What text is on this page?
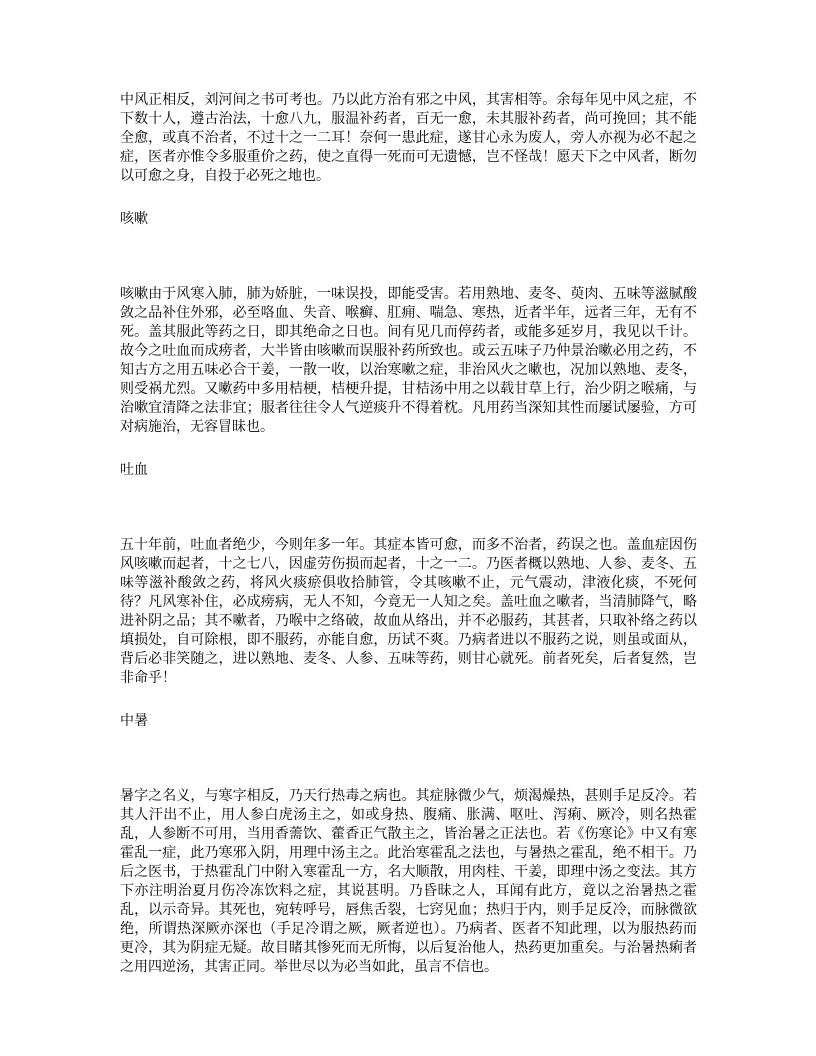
中风正相反，刘河间之书可考也。乃以此方治有邪之中风，其害相等。余每年见中风之症，不下数十人，遵古治法，十愈八九，服温补药者，百无一愈，未其服补药者，尚可挽回；其不能全愈，或真不治者，不过十之一二耳！奈何一患此症，遂甘心永为废人，旁人亦视为必不起之症，医者亦惟令多服重价之药，使之直得一死而可无遗憾，岂不怪哉！愿天下之中风者，断勿以可愈之身，自投于必死之地也。

咳嗽

咳嗽由于风寒入肺，肺为娇脏，一味误投，即能受害。若用熟地、麦冬、萸肉、五味等滋腻酸敛之品补住外邪，必至咯血、失音、喉癣、肛痈、喘急、寒热，近者半年，远者三年，无有不死。盖其服此等药之日，即其绝命之日也。间有见几而停药者，或能多延岁月，我见以千计。故今之吐血而成痨者，大半皆由咳嗽而误服补药所致也。或云五味子乃仲景治嗽必用之药，不知古方之用五味必合干姜，一散一收，以治寒嗽之症，非治风火之嗽也，况加以熟地、麦冬，则受祸尤烈。又嗽药中多用桔梗，桔梗升提，甘桔汤中用之以载甘草上行，治少阴之喉痛，与治嗽宜清降之法非宜；服者往往令人气逆痰升不得着枕。凡用药当深知其性而屡试屡验，方可对病施治，无容冒昧也。

吐血

五十年前，吐血者绝少，今则年多一年。其症本皆可愈，而多不治者，药误之也。盖血症因伤风咳嗽而起者，十之七八，因虚劳伤损而起者，十之一二。乃医者概以熟地、人参、麦冬、五味等滋补酸敛之药，将风火痰瘀俱收拾肺管，令其咳嗽不止，元气震动，津液化痰，不死何待？凡风寒补住，必成痨病，无人不知，今竟无一人知之矣。盖吐血之嗽者，当清肺降气，略进补阴之品；其不嗽者，乃喉中之络破，故血从络出，并不必服药，其甚者，只取补络之药以填损处，自可除根，即不服药，亦能自愈，历试不爽。乃病者进以不服药之说，则虽或面从，背后必非笑随之，进以熟地、麦冬、人参、五味等药，则甘心就死。前者死矣，后者复然，岂非命乎！

中暑

暑字之名义，与寒字相反，乃天行热毒之病也。其症脉微少气，烦渴燥热，甚则手足反冷。若其人汗出不止，用人参白虎汤主之，如或身热、腹痛、胀满、呕吐、泻痢、厥冷，则名热霍乱，人参断不可用，当用香薷饮、藿香正气散主之，皆治暑之正法也。若《伤寒论》中又有寒霍乱一症，此乃寒邪入阴，用理中汤主之。此治寒霍乱之法也，与暑热之霍乱，绝不相干。乃后之医书，于热霍乱门中附入寒霍乱一方，名大顺散，用肉桂、干姜，即理中汤之变法。其方下亦注明治夏月伤冷冻饮料之症，其说甚明。乃昏昧之人，耳闻有此方，竟以之治暑热之霍乱，以示奇异。其死也，宛转呼号，唇焦舌裂，七窍见血；热归于内，则手足反冷，而脉微欲绝，所谓热深厥亦深也（手足冷谓之厥，厥者逆也）。乃病者、医者不知此理，以为服热药而更冷，其为阴症无疑。故目睹其惨死而无所悔，以后复治他人，热药更加重矣。与治暑热痢者之用四逆汤，其害正同。举世尽以为必当如此，虽言不信也。
